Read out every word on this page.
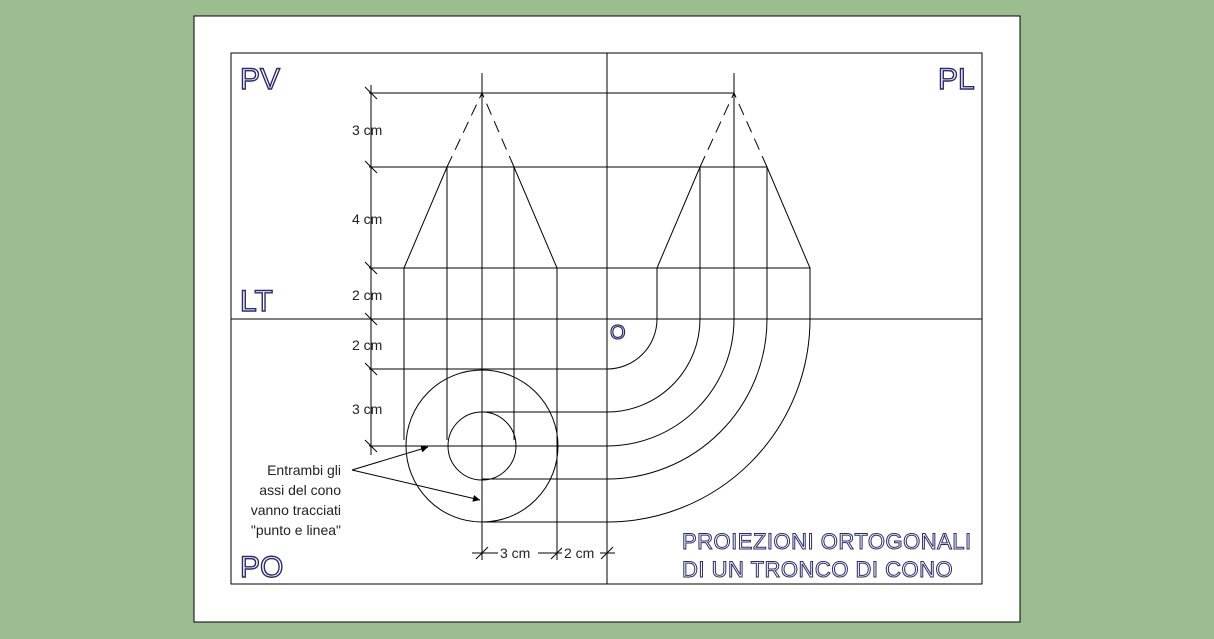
PV	PL
LT
PO
O
3 cm
4 cm
2 cm
2 cm
3 cm
3 cm 2 cm
Entrambi gli
assi del cono
vanno tracciati
"punto e linea"	PROIEZIONI ORTOGONALI
DI UN TRONCO DI CONO
